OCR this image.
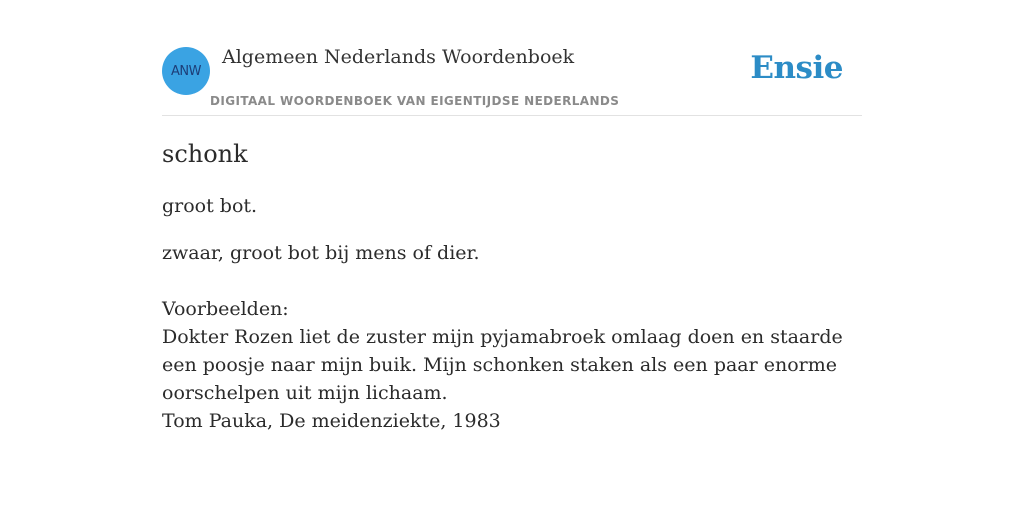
ANW
Algemeen Nederlands Woordenboek
DIGITAAL WOORDENBOEK VAN EIGENTIJDSE NEDERLANDS
Ensie
schonk

groot bot.

zwaar, groot bot bij mens of dier.

Voorbeelden:
Dokter Rozen liet de zuster mijn pyjamabroek omlaag doen en staarde een poosje naar mijn buik. Mijn schonken staken als een paar enorme oorschelpen uit mijn lichaam.
Tom Pauka, De meidenziekte, 1983
